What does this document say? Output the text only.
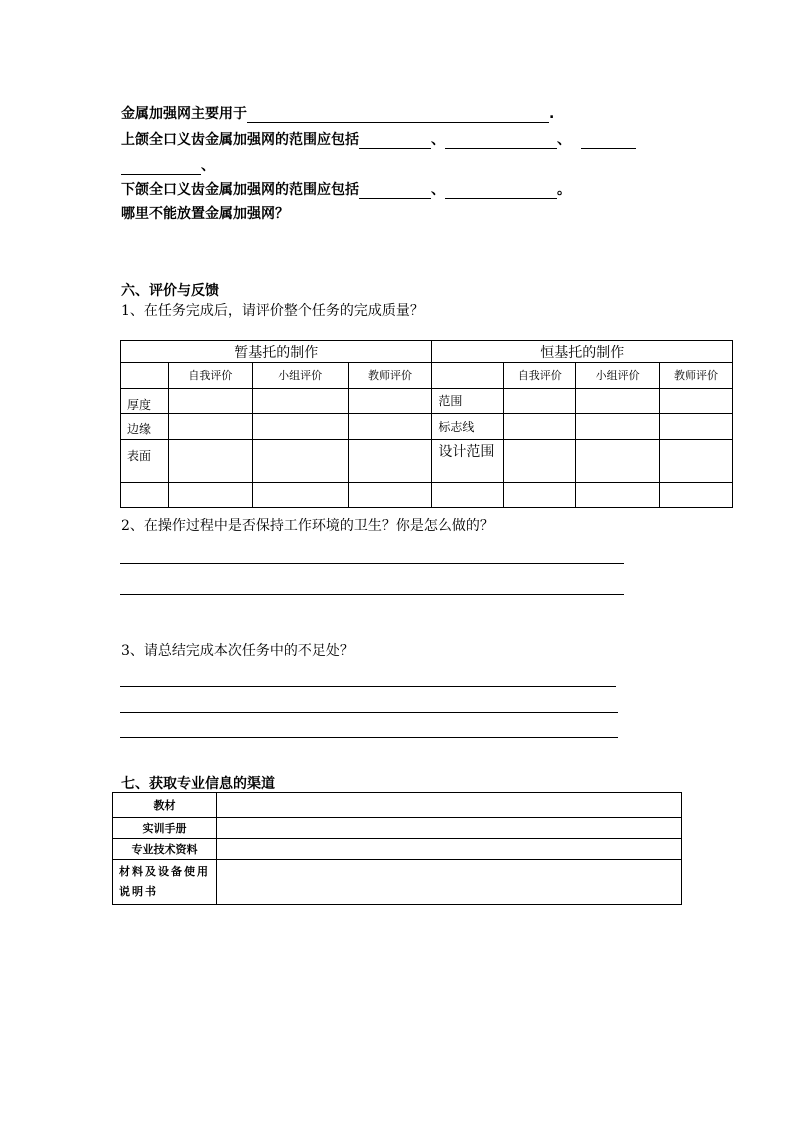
金属加强网主要用于	.
上颌全口义齿金属加强网的范围应包括	、	、
、
下颌全口义齿金属加强网的范围应包括	、	。
哪里不能放置金属加强网？
六、评价与反馈
1、在任务完成后，请评价整个任务的完成质量？
暂基托的制作				恒基托的制作			
	自我评价	小组评价	教师评价		自我评价	小组评价	教师评价
厚度				范围			
边缘				标志线			
表面				设计范围			

2、在操作过程中是否保持工作环境的卫生？你是怎么做的？
3、请总结完成本次任务中的不足处？
七、获取专业信息的渠道
教材	
实训手册	
专业技术资料	
材料及设备使用说明书	
